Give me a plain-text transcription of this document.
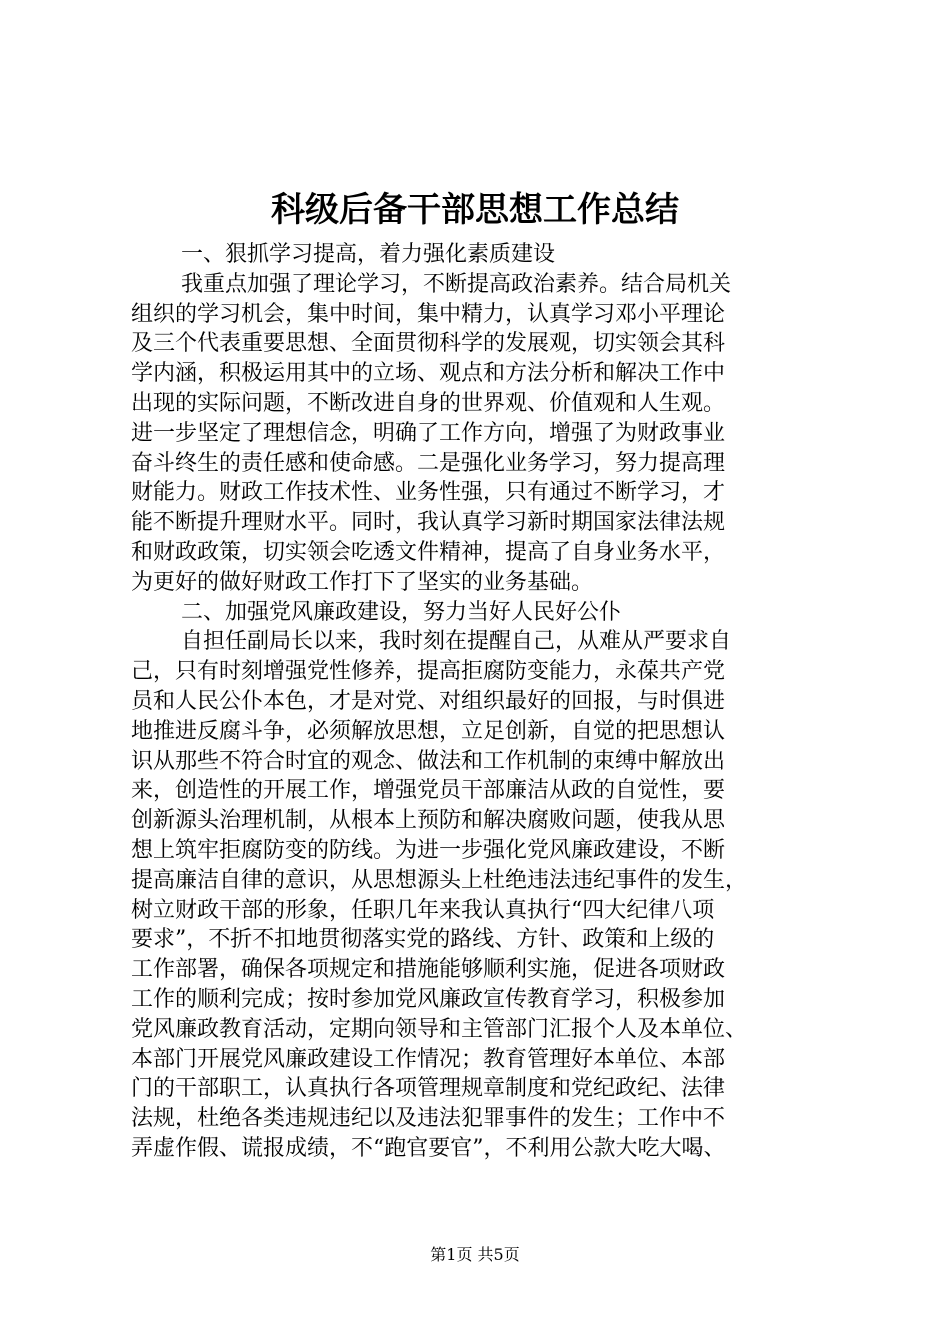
科级后备干部思想工作总结
一、狠抓学习提高，着力强化素质建设
我重点加强了理论学习，不断提高政治素养。结合局机关
组织的学习机会，集中时间，集中精力，认真学习邓小平理论
及三个代表重要思想、全面贯彻科学的发展观，切实领会其科
学内涵，积极运用其中的立场、观点和方法分析和解决工作中
出现的实际问题，不断改进自身的世界观、价值观和人生观。
进一步坚定了理想信念，明确了工作方向，增强了为财政事业
奋斗终生的责任感和使命感。二是强化业务学习，努力提高理
财能力。财政工作技术性、业务性强，只有通过不断学习，才
能不断提升理财水平。同时，我认真学习新时期国家法律法规
和财政政策，切实领会吃透文件精神，提高了自身业务水平，
为更好的做好财政工作打下了坚实的业务基础。
二、加强党风廉政建设，努力当好人民好公仆
自担任副局长以来，我时刻在提醒自己，从难从严要求自
己，只有时刻增强党性修养，提高拒腐防变能力，永葆共产党
员和人民公仆本色，才是对党、对组织最好的回报，与时俱进
地推进反腐斗争，必须解放思想，立足创新，自觉的把思想认
识从那些不符合时宜的观念、做法和工作机制的束缚中解放出
来，创造性的开展工作，增强党员干部廉洁从政的自觉性，要
创新源头治理机制，从根本上预防和解决腐败问题，使我从思
想上筑牢拒腐防变的防线。为进一步强化党风廉政建设，不断
提高廉洁自律的意识，从思想源头上杜绝违法违纪事件的发生，
树立财政干部的形象，任职几年来我认真执行“四大纪律八项
要求”，不折不扣地贯彻落实党的路线、方针、政策和上级的
工作部署，确保各项规定和措施能够顺利实施，促进各项财政
工作的顺利完成；按时参加党风廉政宣传教育学习，积极参加
党风廉政教育活动，定期向领导和主管部门汇报个人及本单位、
本部门开展党风廉政建设工作情况；教育管理好本单位、本部
门的干部职工，认真执行各项管理规章制度和党纪政纪、法律
法规，杜绝各类违规违纪以及违法犯罪事件的发生；工作中不
弄虚作假、谎报成绩，不“跑官要官”，不利用公款大吃大喝、
第1页 共5页
